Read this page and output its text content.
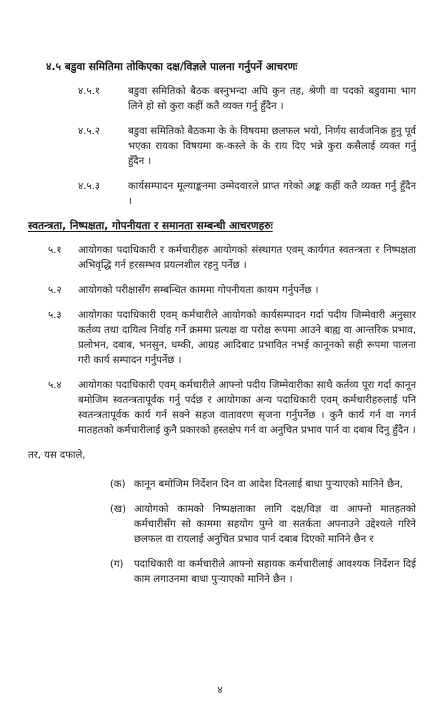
४.५ बडुवा समितिमा तोकिएका दक्ष/विज्ञले पालना गर्नुपर्ने आचरणः
४.५.१	बडुवा समितिको बैठक बस्नुभन्दा अघि कुन तह, श्रेणी वा पदको बडुवामा भाग लिने हो सो कुरा कहीं कतै व्यक्त गर्नु हुँदैन ।
४.५.२	बडुवा समितिको बैठकमा के के विषयमा छलफल भयो, निर्णय सार्वजनिक हुनु पूर्व भएका रायका विषयमा क-कस्ले के के राय दिए भन्ने कुरा कसैलाई व्यक्त गर्नु हुँदैन ।
४.५.३	कार्यसम्पादन मूल्याङ्कनमा उम्मेदवारले प्राप्त गरेको अङ्क कहीं कतै व्यक्त गर्नु हुँदैन ।
स्वतन्त्रता, निष्पक्षता, गोपनीयता र समानता सम्बन्धी आचरणहरुः
५.१	आयोगका पदाधिकारी र कर्मचारीहरु आयोगको संस्थागत एवम् कार्यगत स्वतन्त्रता र निष्पक्षता अभिवृद्धि गर्न हरसम्भव प्रयत्नशील रहनु पर्नेछ ।
५.२	आयोगको परीक्षासँग सम्बन्धित काममा गोपनीयता कायम गर्नुपर्नेछ ।
५.३	आयोगका पदाधिकारी एवम् कर्मचारीले आयोगको कार्यसम्पादन गर्दा पदीय जिम्मेवारी अनुसार कर्तव्य तथा दायित्व निर्वाह गर्ने क्रममा प्रत्यक्ष वा परोक्ष रूपमा आउने बाह्य वा आन्तरिक प्रभाव, प्रलोभन, दबाब, भनसुन, धम्की, आग्रह आदिबाट प्रभावित नभई कानूनको सही रूपमा पालना गरी कार्य सम्पादन गर्नुपर्नेछ ।
५.४	आयोगका पदाधिकारी एवम् कर्मचारीले आफ्नो पदीय जिम्मेवारीका साथै कर्तव्य पूरा गर्दा कानून बमोजिम स्वतन्त्रतापूर्वक गर्नु पर्दछ र आयोगका अन्य पदाधिकारी एवम् कर्मचारीहरुलाई पनि स्वतन्त्रतापूर्वक कार्य गर्न सक्ने सहज वातावरण सृजना गर्नुपर्नेछ । कुनै कार्य गर्न वा नगर्न मातहतको कर्मचारीलाई कुनै प्रकारको हस्तक्षेप गर्न वा अनुचित प्रभाव पार्न वा दबाब दिनु हुँदैन ।
तर, यस दफाले,
(क) कानून बमोजिम निर्देशन दिन वा आदेश दिनलाई बाधा पुऱ्याएको मानिने छैन,
(ख) आयोगको कामको निष्पक्षताका लागि दक्ष/विज्ञ वा आफ्नो मातहतको कर्मचारीसँग सो काममा सहयोग पुग्ने वा सतर्कता अपनाउने उद्देश्यले गरिने छलफल वा रायलाई अनुचित प्रभाव पार्न दबाब दिएको मानिने छैन र
(ग)	पदाधिकारी वा कर्मचारीले आफ्नो सहायक कर्मचारीलाई आवश्यक निर्देशन दिई काम लगाउनमा बाधा पुऱ्याएको मानिने छैन ।
४
